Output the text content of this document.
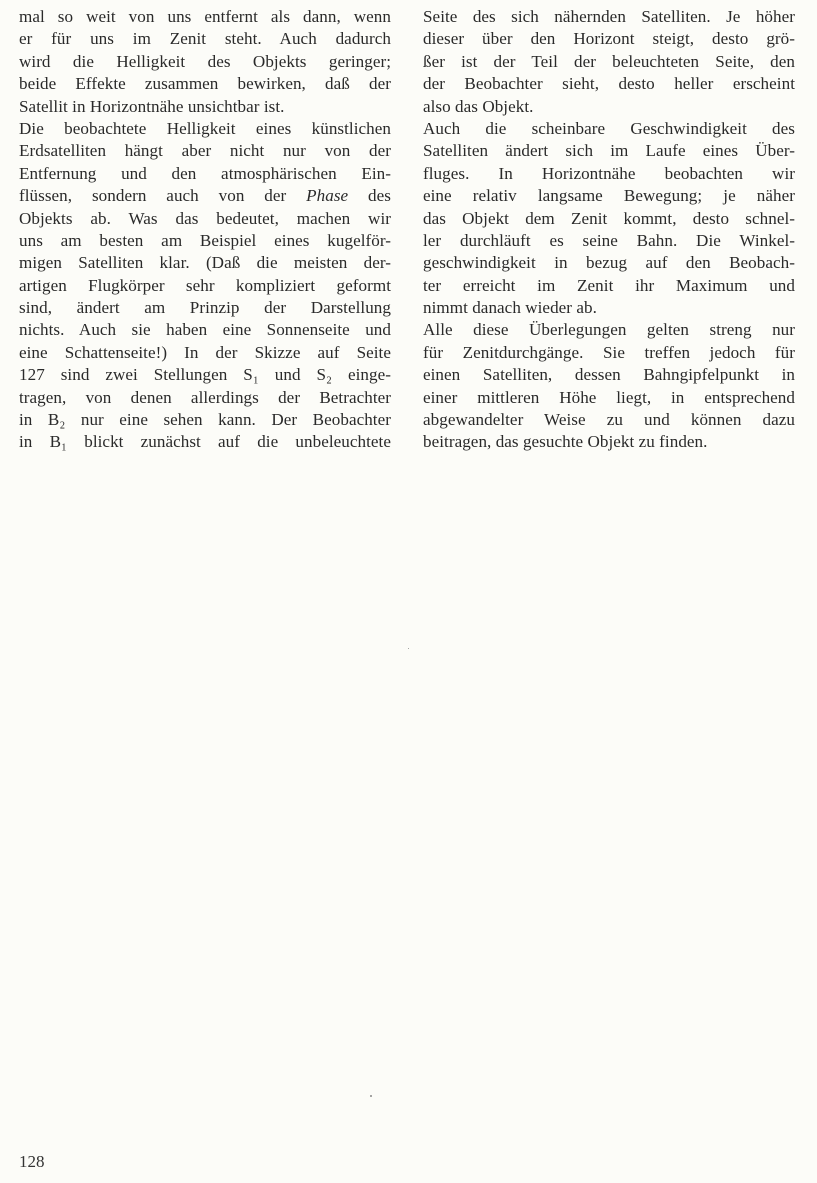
mal so weit von uns entfernt als dann, wenn
er für uns im Zenit steht. Auch dadurch
wird die Helligkeit des Objekts geringer;
beide Effekte zusammen bewirken, daß der
Satellit in Horizontnähe unsichtbar ist.
Die beobachtete Helligkeit eines künstlichen
Erdsatelliten hängt aber nicht nur von der
Entfernung und den atmosphärischen Ein-
flüssen, sondern auch von der Phase des
Objekts ab. Was das bedeutet, machen wir
uns am besten am Beispiel eines kugelför-
migen Satelliten klar. (Daß die meisten der-
artigen Flugkörper sehr kompliziert geformt
sind, ändert am Prinzip der Darstellung
nichts. Auch sie haben eine Sonnenseite und
eine Schattenseite!) In der Skizze auf Seite
127 sind zwei Stellungen S₁ und S₂ einge-
tragen, von denen allerdings der Betrachter
in B₂ nur eine sehen kann. Der Beobachter
in B₁ blickt zunächst auf die unbeleuchtete
Seite des sich nähernden Satelliten. Je höher
dieser über den Horizont steigt, desto grö-
ßer ist der Teil der beleuchteten Seite, den
der Beobachter sieht, desto heller erscheint
also das Objekt.
Auch die scheinbare Geschwindigkeit des
Satelliten ändert sich im Laufe eines Über-
fluges. In Horizontnähe beobachten wir
eine relativ langsame Bewegung; je näher
das Objekt dem Zenit kommt, desto schnel-
ler durchläuft es seine Bahn. Die Winkel-
geschwindigkeit in bezug auf den Beobach-
ter erreicht im Zenit ihr Maximum und
nimmt danach wieder ab.
Alle diese Überlegungen gelten streng nur
für Zenitdurchgänge. Sie treffen jedoch für
einen Satelliten, dessen Bahngipfelpunkt in
einer mittleren Höhe liegt, in entsprechend
abgewandelter Weise zu und können dazu
beitragen, das gesuchte Objekt zu finden.
128
